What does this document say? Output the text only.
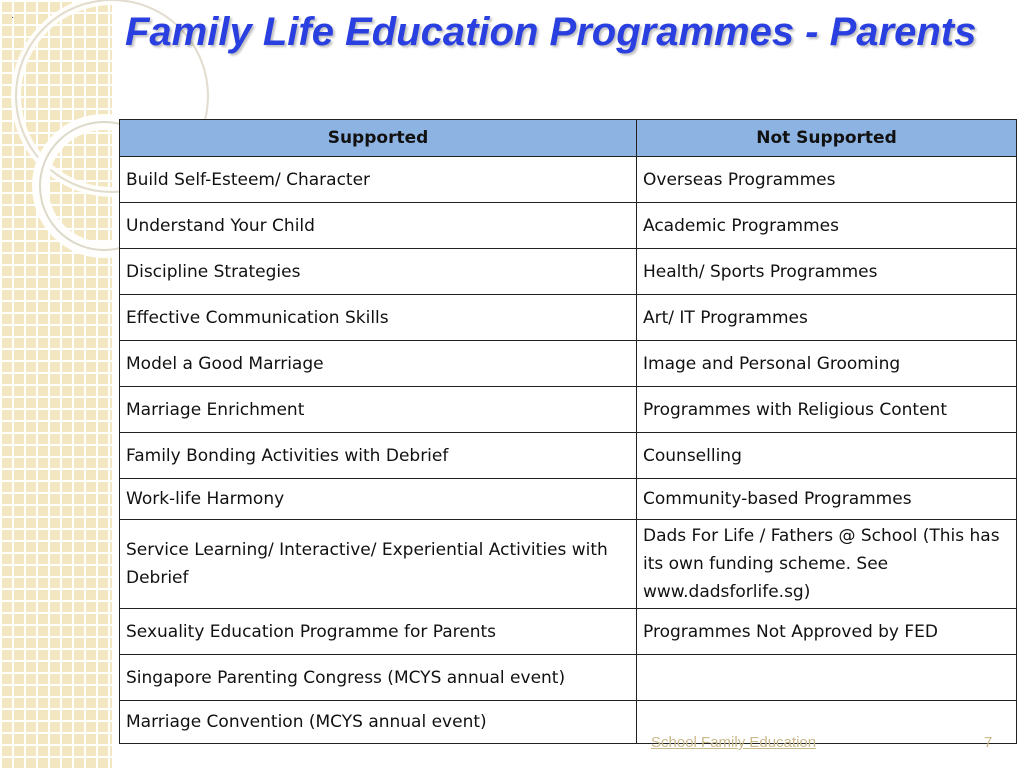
·	Family Life Education Programmes - Parents
Supported	Not Supported
Build Self-Esteem/ Character	Overseas Programmes
Understand Your Child	Academic Programmes
Discipline Strategies	Health/ Sports Programmes
Effective Communication Skills	Art/ IT Programmes
Model a Good Marriage	Image and Personal Grooming
Marriage Enrichment	Programmes with Religious Content
Family Bonding Activities with Debrief	Counselling
Work-life Harmony	Community-based Programmes
Service Learning/ Interactive/ Experiential Activities with Debrief	Dads For Life / Fathers @ School (This has its own funding scheme. See www.dadsforlife.sg)
Sexuality Education Programme for Parents	Programmes Not Approved by FED
Singapore Parenting Congress (MCYS annual event)	
Marriage Convention (MCYS annual event)	
School Family Education	7
